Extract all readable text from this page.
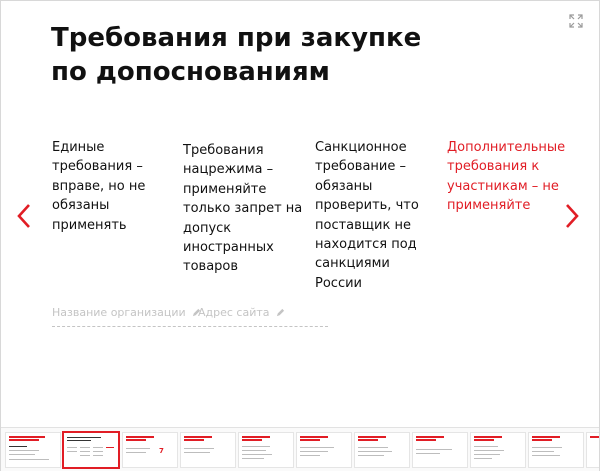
Требования при закупке
по допоснованиям
Единые
требования –
вправе, но не
обязаны
применять
Требования
нацрежима –
применяйте
только запрет на
допуск
иностранных
товаров
Санкционное
требование –
обязаны
проверить, что
поставщик не
находится под
санкциями
России
Дополнительные
требования к
участникам – не
применяйте
Название организации	Адрес сайта
7
